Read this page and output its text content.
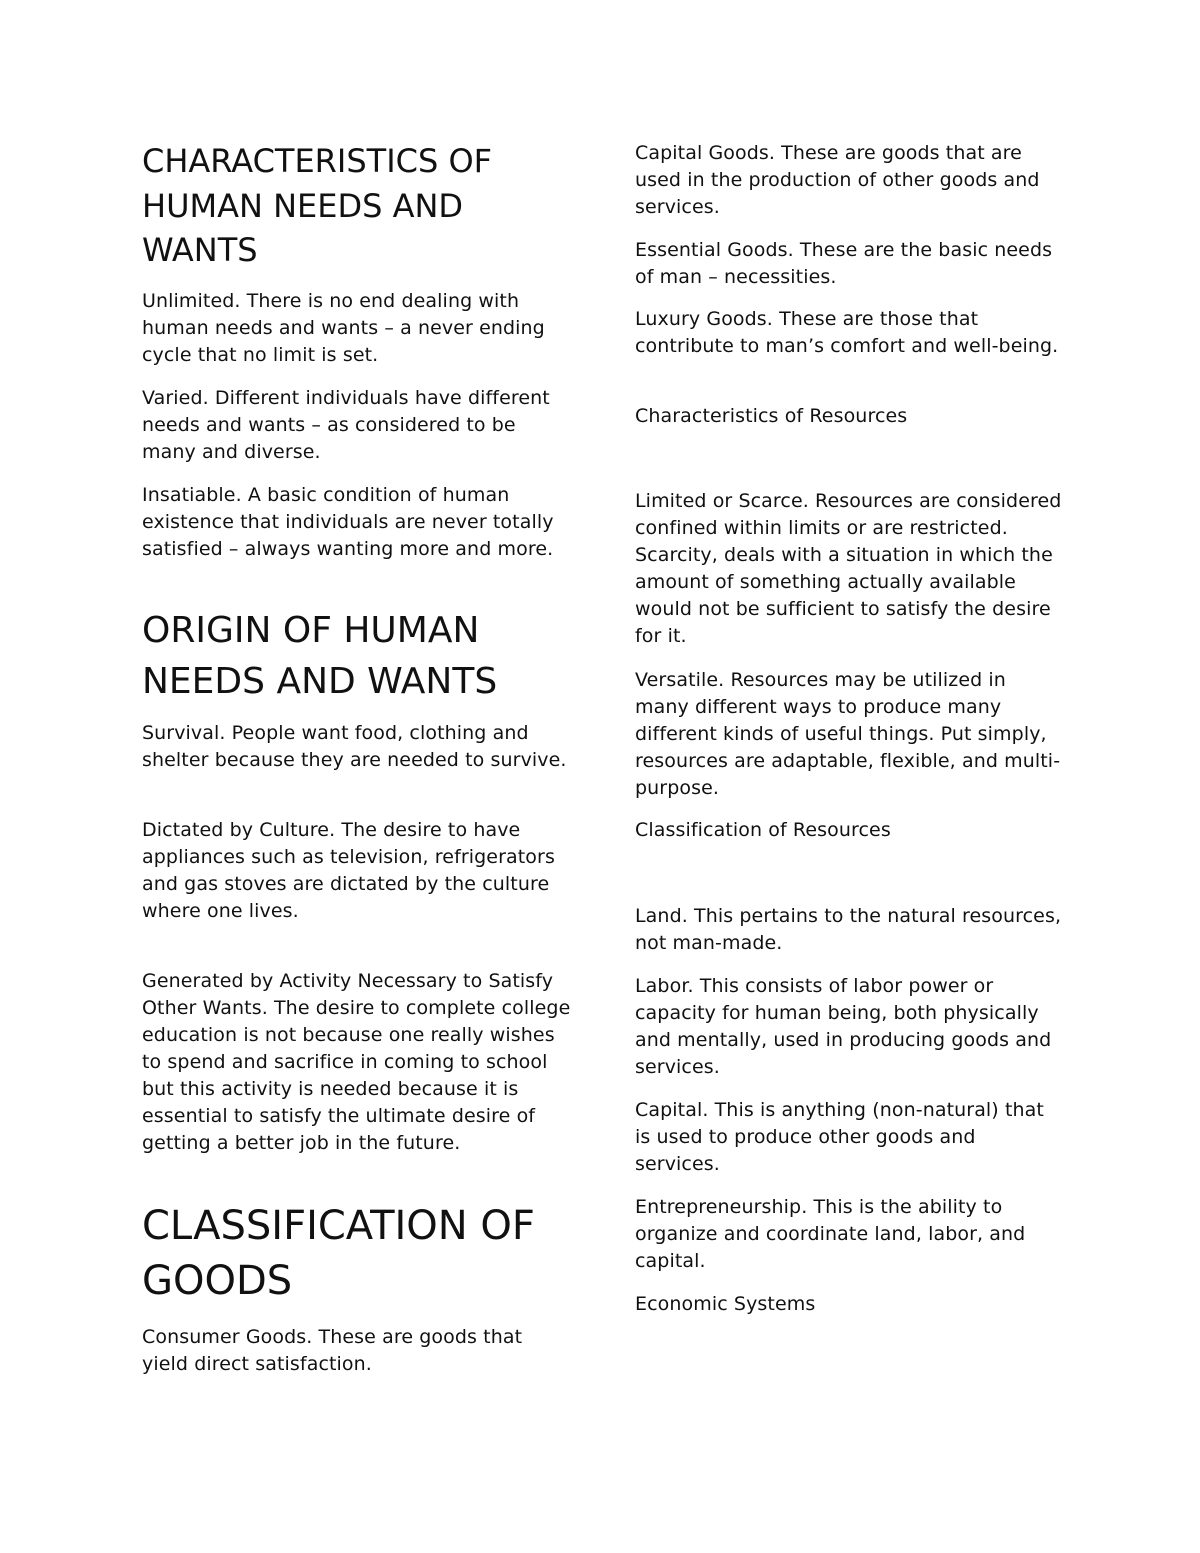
CHARACTERISTICS OF HUMAN NEEDS AND WANTS

Unlimited. There is no end dealing with human needs and wants – a never ending cycle that no limit is set.

Varied. Different individuals have different needs and wants – as considered to be many and diverse.

Insatiable. A basic condition of human existence that individuals are never totally satisfied – always wanting more and more.

ORIGIN OF HUMAN NEEDS AND WANTS

Survival. People want food, clothing and shelter because they are needed to survive.

Dictated by Culture. The desire to have appliances such as television, refrigerators and gas stoves are dictated by the culture where one lives.

Generated by Activity Necessary to Satisfy Other Wants. The desire to complete college education is not because one really wishes to spend and sacrifice in coming to school but this activity is needed because it is essential to satisfy the ultimate desire of getting a better job in the future.

CLASSIFICATION OF GOODS

Consumer Goods. These are goods that yield direct satisfaction.

Capital Goods. These are goods that are used in the production of other goods and services.

Essential Goods. These are the basic needs of man – necessities.

Luxury Goods. These are those that contribute to man’s comfort and well-being.

Characteristics of Resources

Limited or Scarce. Resources are considered confined within limits or are restricted. Scarcity, deals with a situation in which the amount of something actually available would not be sufficient to satisfy the desire for it.

Versatile. Resources may be utilized in many different ways to produce many different kinds of useful things. Put simply, resources are adaptable, flexible, and multi-purpose.

Classification of Resources

Land. This pertains to the natural resources, not man-made.

Labor. This consists of labor power or capacity for human being, both physically and mentally, used in producing goods and services.

Capital. This is anything (non-natural) that is used to produce other goods and services.

Entrepreneurship. This is the ability to organize and coordinate land, labor, and capital.

Economic Systems
